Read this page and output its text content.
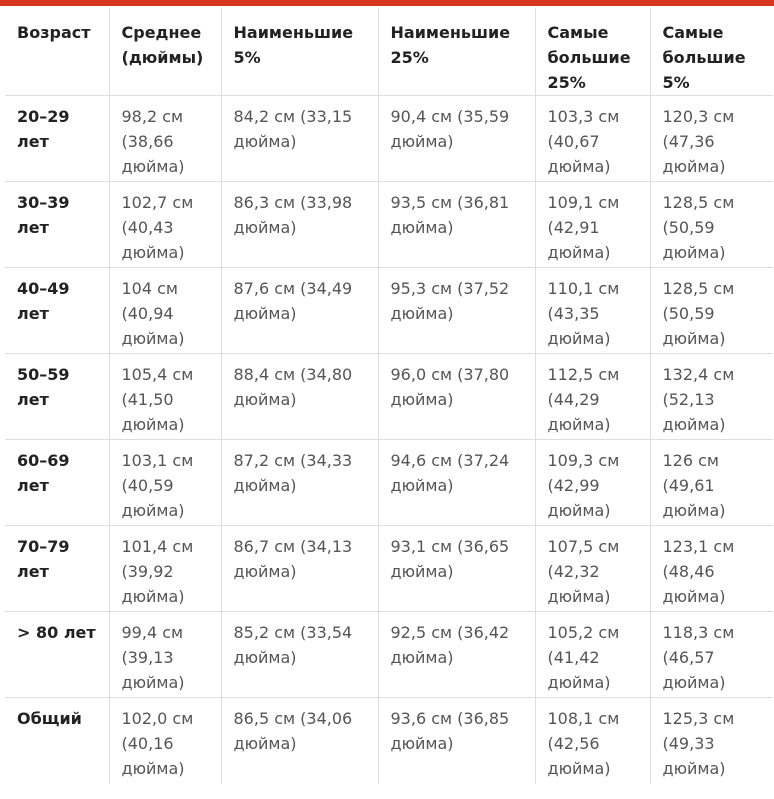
Возраст	Среднее (дюймы)	Наименьшие 5%	Наименьшие 25%	Самые большие 25%	Самые большие 5%
20–29 лет	98,2 см (38,66 дюйма)	84,2 см (33,15 дюйма)	90,4 см (35,59 дюйма)	103,3 см (40,67 дюйма)	120,3 см (47,36 дюйма)
30–39 лет	102,7 см (40,43 дюйма)	86,3 см (33,98 дюйма)	93,5 см (36,81 дюйма)	109,1 см (42,91 дюйма)	128,5 см (50,59 дюйма)
40–49 лет	104 см (40,94 дюйма)	87,6 см (34,49 дюйма)	95,3 см (37,52 дюйма)	110,1 см (43,35 дюйма)	128,5 см (50,59 дюйма)
50–59 лет	105,4 см (41,50 дюйма)	88,4 см (34,80 дюйма)	96,0 см (37,80 дюйма)	112,5 см (44,29 дюйма)	132,4 см (52,13 дюйма)
60–69 лет	103,1 см (40,59 дюйма)	87,2 см (34,33 дюйма)	94,6 см (37,24 дюйма)	109,3 см (42,99 дюйма)	126 см (49,61 дюйма)
70–79 лет	101,4 см (39,92 дюйма)	86,7 см (34,13 дюйма)	93,1 см (36,65 дюйма)	107,5 см (42,32 дюйма)	123,1 см (48,46 дюйма)
> 80 лет	99,4 см (39,13 дюйма)	85,2 см (33,54 дюйма)	92,5 см (36,42 дюйма)	105,2 см (41,42 дюйма)	118,3 см (46,57 дюйма)
Общий	102,0 см (40,16 дюйма)	86,5 см (34,06 дюйма)	93,6 см (36,85 дюйма)	108,1 см (42,56 дюйма)	125,3 см (49,33 дюйма)
